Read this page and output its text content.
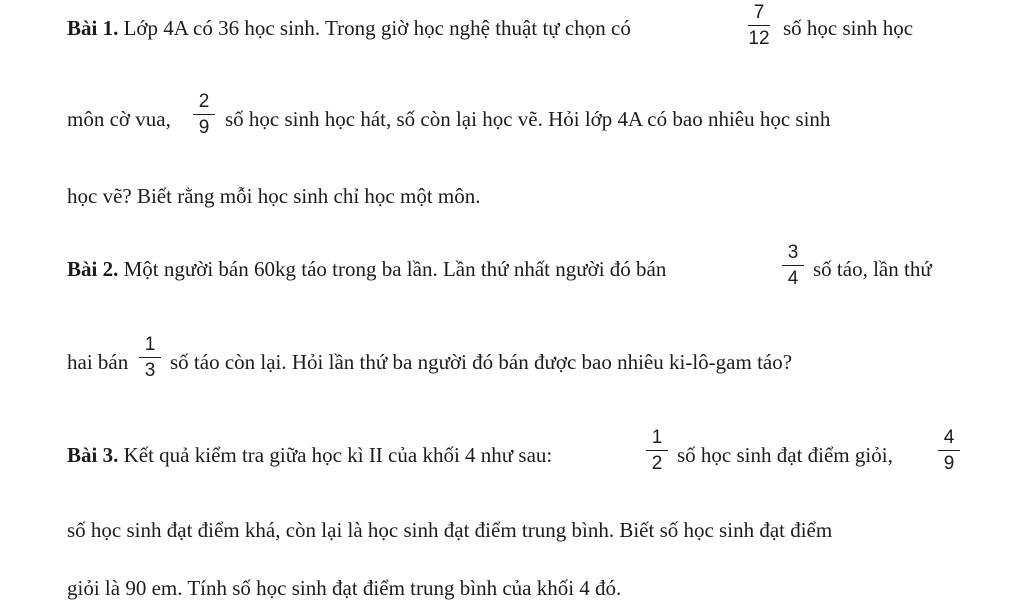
Bài 1. Lớp 4A có 36 học sinh. Trong giờ học nghệ thuật tự chọn có
7
12 số học sinh học
môn cờ vua,
2
9 số học sinh học hát, số còn lại học vẽ. Hỏi lớp 4A có bao nhiêu học sinh
học vẽ? Biết rằng mỗi học sinh chỉ học một môn.
Bài 2. Một người bán 60kg táo trong ba lần. Lần thứ nhất người đó bán
3
4 số táo, lần thứ
hai bán
1
3 số táo còn lại. Hỏi lần thứ ba người đó bán được bao nhiêu ki-lô-gam táo?
Bài 3. Kết quả kiểm tra giữa học kì II của khối 4 như sau:
1
2 số học sinh đạt điểm giỏi,
4
9
số học sinh đạt điểm khá, còn lại là học sinh đạt điểm trung bình. Biết số học sinh đạt điểm
giỏi là 90 em. Tính số học sinh đạt điểm trung bình của khối 4 đó.
